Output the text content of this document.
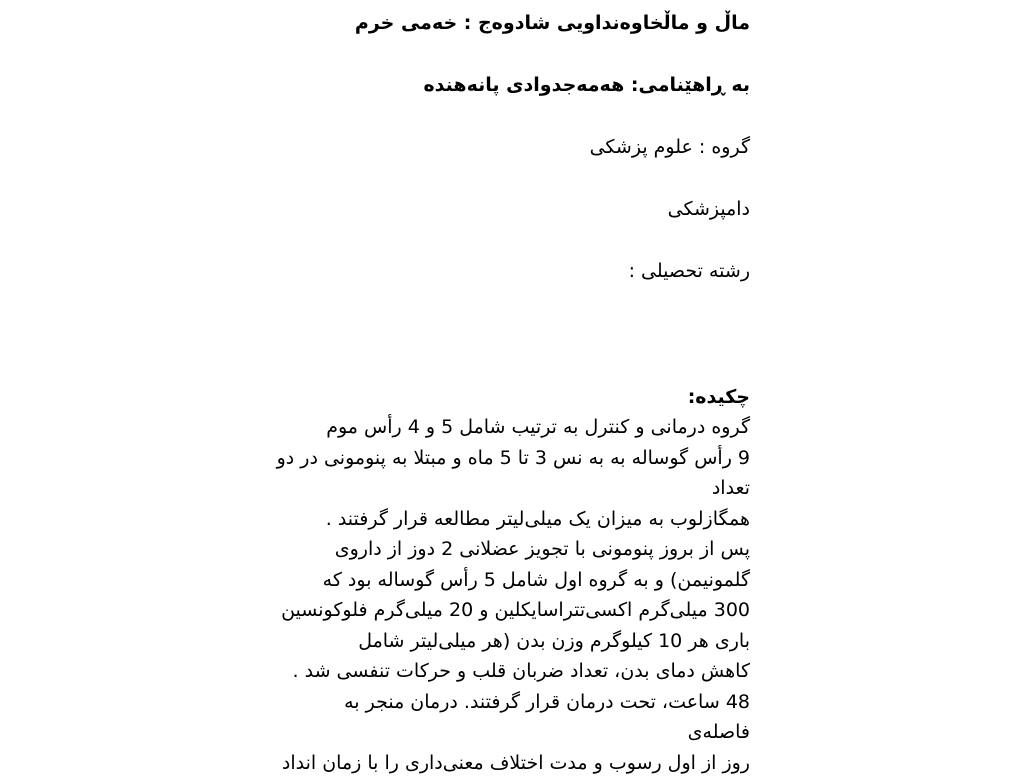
ماڵ و ماڵخاوەنداویی شادوەج : خەمی خرم

بە ڕاهێنامی: هەمەجدوادی پانەهندە

گروه : علوم پزشکی

دامپزشکی

رشتە تحصیلی :

چکیدە:

گروه درمانی و کنترل بە ترتیب شامل 5 و 4 رأس موم
9 رأس گوسالە بە بە نس 3 تا 5 ماه و مبتلا بە پنومونی در دو
تعداد
همگازلوب بە میزان یک میلی‌لیتر مطالعە قرار گرفتند .
پس از بروز پنومونی با تجویز عضلانی 2 دوز از داروی
گلمونیمن) و بە گروه اول شامل 5 رأس گوسالە بود کە
300 میلی‌گرم اکسی‌تتراسایکلین و 20 میلی‌گرم فلوکونسین
باری هر 10 کیلوگرم وزن بدن (هر میلی‌لیتر شامل
کاهش دمای بدن، تعداد ضربان قلب و حرکات تنفسی شد .
48 ساعت، تحت درمان قرار گرفتند. درمان منجر بە
فاصلەی
روز از اول رسوب و مدت اختلاف معنی‌داری را با زمان انداد
